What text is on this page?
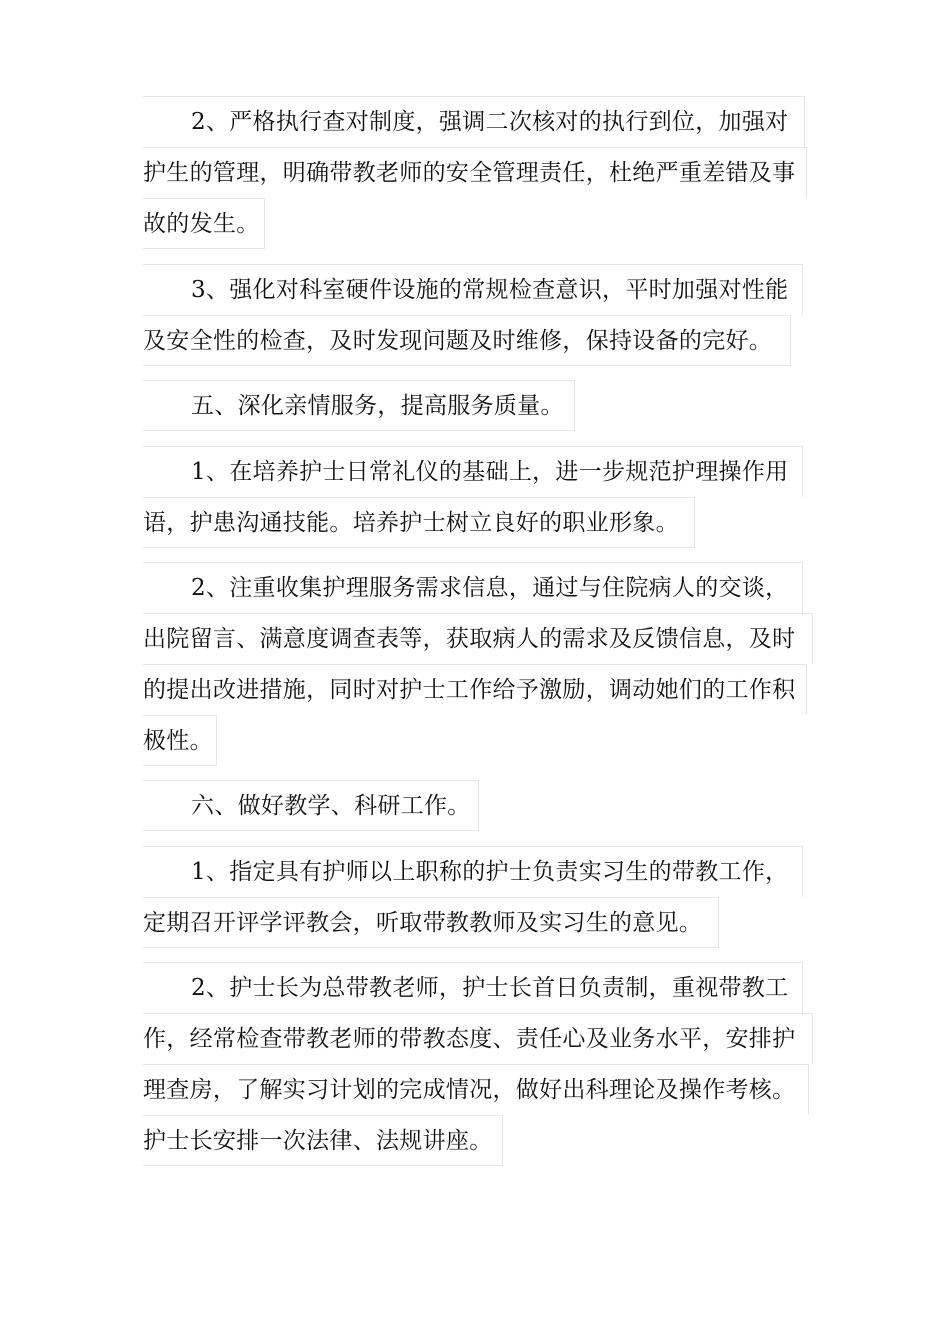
2、严格执行查对制度，强调二次核对的执行到位，加强对
护生的管理，明确带教老师的安全管理责任，杜绝严重差错及事
故的发生。
3、强化对科室硬件设施的常规检查意识，平时加强对性能
及安全性的检查，及时发现问题及时维修，保持设备的完好。
五、深化亲情服务，提高服务质量。
1、在培养护士日常礼仪的基础上，进一步规范护理操作用
语，护患沟通技能。培养护士树立良好的职业形象。
2、注重收集护理服务需求信息，通过与住院病人的交谈，
出院留言、满意度调查表等，获取病人的需求及反馈信息，及时
的提出改进措施，同时对护士工作给予激励，调动她们的工作积
极性。
六、做好教学、科研工作。
1、指定具有护师以上职称的护士负责实习生的带教工作，
定期召开评学评教会，听取带教教师及实习生的意见。
2、护士长为总带教老师，护士长首日负责制，重视带教工
作，经常检查带教老师的带教态度、责任心及业务水平，安排护
理查房，了解实习计划的完成情况，做好出科理论及操作考核。
护士长安排一次法律、法规讲座。
